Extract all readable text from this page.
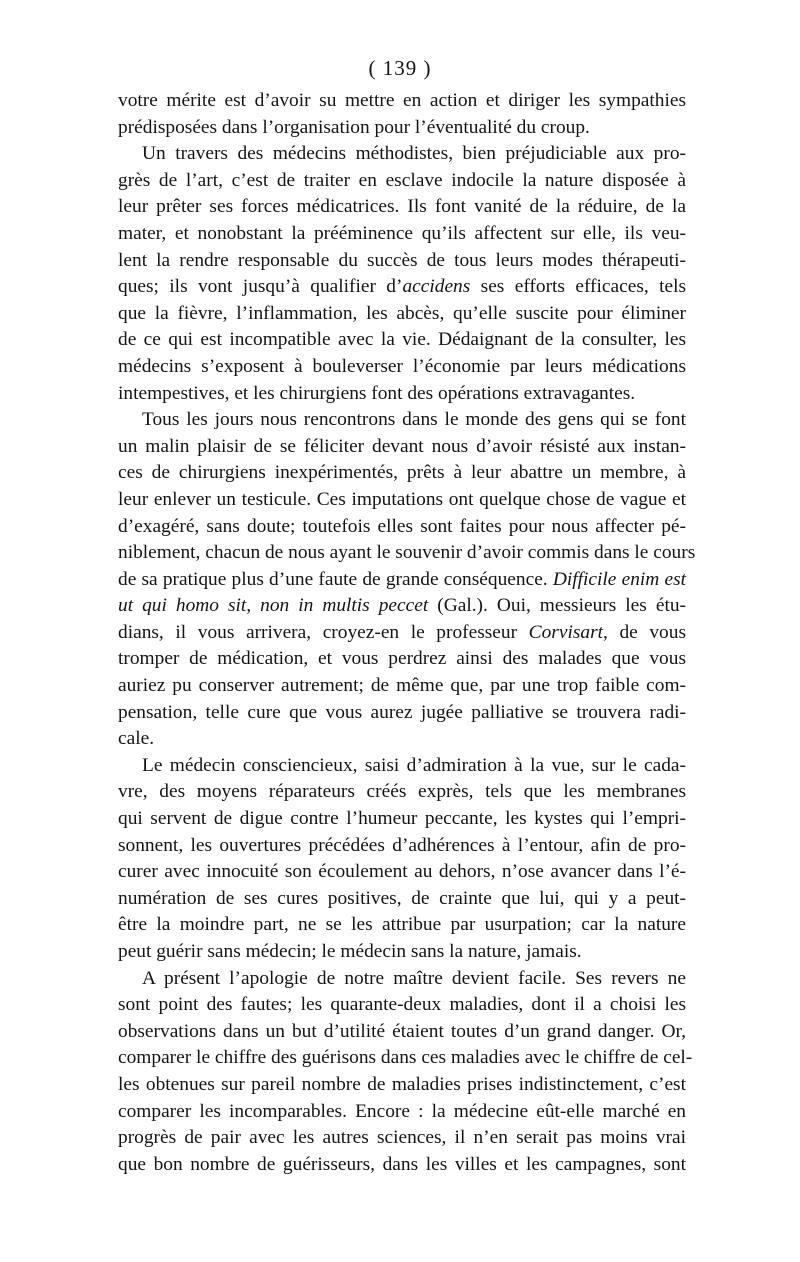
( 139 )
votre mérite est d’avoir su mettre en action et diriger les sympathies
prédisposées dans l’organisation pour l’éventualité du croup.
Un travers des médecins méthodistes, bien préjudiciable aux pro-
grès de l’art, c’est de traiter en esclave indocile la nature disposée à
leur prêter ses forces médicatrices. Ils font vanité de la réduire, de la
mater, et nonobstant la prééminence qu’ils affectent sur elle, ils veu-
lent la rendre responsable du succès de tous leurs modes thérapeuti-
ques; ils vont jusqu’à qualifier d’accidens ses efforts efficaces, tels
que la fièvre, l’inflammation, les abcès, qu’elle suscite pour éliminer
de ce qui est incompatible avec la vie. Dédaignant de la consulter, les
médecins s’exposent à bouleverser l’économie par leurs médications
intempestives, et les chirurgiens font des opérations extravagantes.
Tous les jours nous rencontrons dans le monde des gens qui se font
un malin plaisir de se féliciter devant nous d’avoir résisté aux instan-
ces de chirurgiens inexpérimentés, prêts à leur abattre un membre, à
leur enlever un testicule. Ces imputations ont quelque chose de vague et
d’exagéré, sans doute; toutefois elles sont faites pour nous affecter pé-
niblement, chacun de nous ayant le souvenir d’avoir commis dans le cours
de sa pratique plus d’une faute de grande conséquence. Difficile enim est
ut qui homo sit, non in multis peccet (Gal.). Oui, messieurs les étu-
dians, il vous arrivera, croyez-en le professeur Corvisart, de vous
tromper de médication, et vous perdrez ainsi des malades que vous
auriez pu conserver autrement; de même que, par une trop faible com-
pensation, telle cure que vous aurez jugée palliative se trouvera radi-
cale.
Le médecin consciencieux, saisi d’admiration à la vue, sur le cada-
vre, des moyens réparateurs créés exprès, tels que les membranes
qui servent de digue contre l’humeur peccante, les kystes qui l’empri-
sonnent, les ouvertures précédées d’adhérences à l’entour, afin de pro-
curer avec innocuité son écoulement au dehors, n’ose avancer dans l’é-
numération de ses cures positives, de crainte que lui, qui y a peut-
être la moindre part, ne se les attribue par usurpation; car la nature
peut guérir sans médecin; le médecin sans la nature, jamais.
A présent l’apologie de notre maître devient facile. Ses revers ne
sont point des fautes; les quarante-deux maladies, dont il a choisi les
observations dans un but d’utilité étaient toutes d’un grand danger. Or,
comparer le chiffre des guérisons dans ces maladies avec le chiffre de cel-
les obtenues sur pareil nombre de maladies prises indistinctement, c’est
comparer les incomparables. Encore : la médecine eût-elle marché en
progrès de pair avec les autres sciences, il n’en serait pas moins vrai
que bon nombre de guérisseurs, dans les villes et les campagnes, sont
